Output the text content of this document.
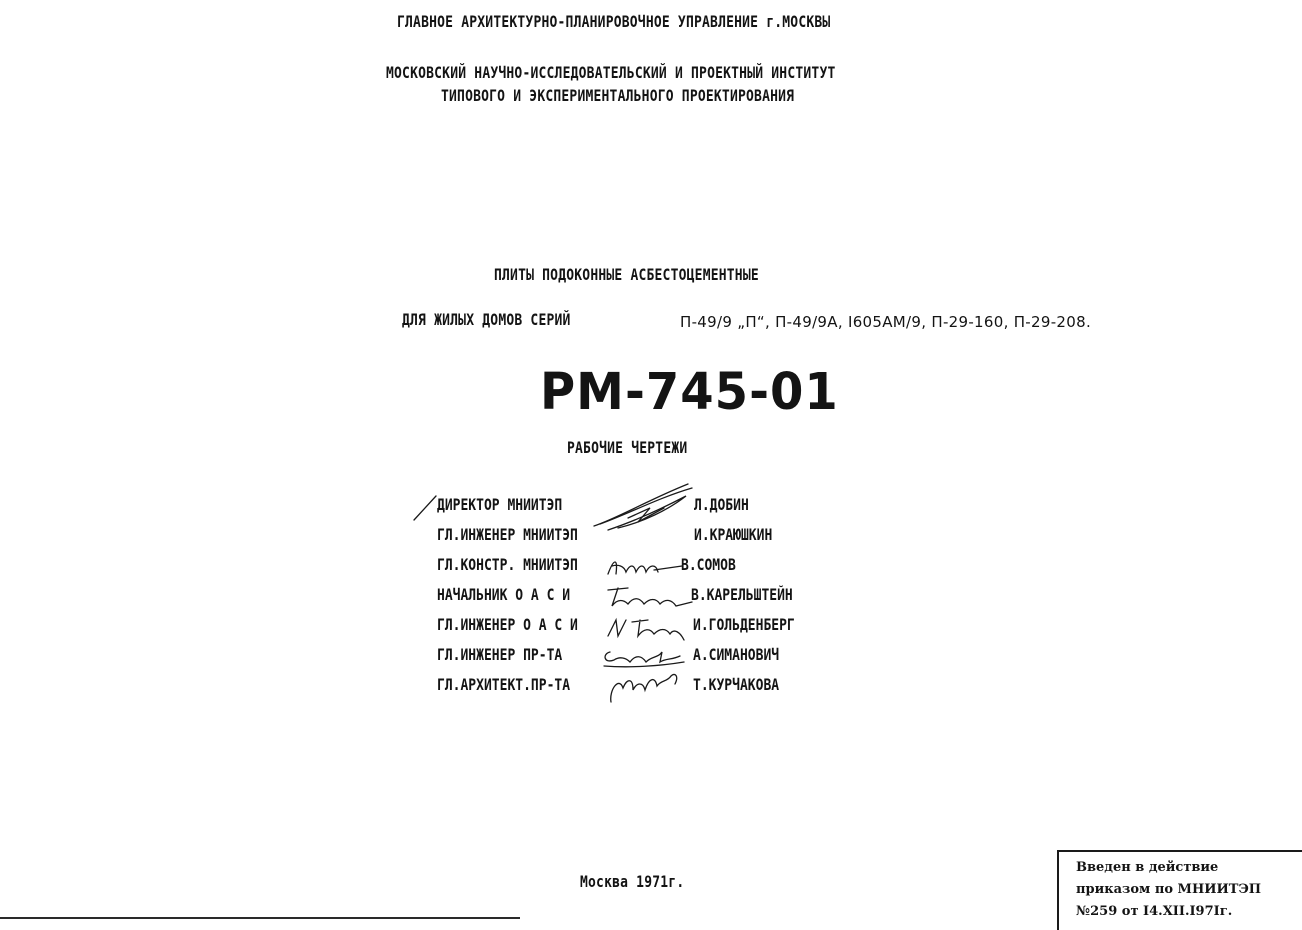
ГЛАВНОЕ АРХИТЕКТУРНО-ПЛАНИРОВОЧНОЕ УПРАВЛЕНИЕ г.МОСКВЫ
МОСКОВСКИЙ НАУЧНО-ИССЛЕДОВАТЕЛЬСКИЙ И ПРОЕКТНЫЙ ИНСТИТУТ
ТИПОВОГО И ЭКСПЕРИМЕНТАЛЬНОГО ПРОЕКТИРОВАНИЯ
ПЛИТЫ ПОДОКОННЫЕ АСБЕСТОЦЕМЕНТНЫЕ
ДЛЯ ЖИЛЫХ ДОМОВ СЕРИЙ	П-49/9 „П“, П-49/9А, I605АМ/9, П-29-160, П-29-208.
РМ-745-01
РАБОЧИЕ ЧЕРТЕЖИ
ДИРЕКТОР МНИИТЭП	Л.ДОБИН
ГЛ.ИНЖЕНЕР МНИИТЭП	И.КРАЮШКИН
ГЛ.КОНСТР. МНИИТЭП	В.СОМОВ
НАЧАЛЬНИК О А С И	В.КАРЕЛЬШТЕЙН
ГЛ.ИНЖЕНЕР О А С И	И.ГОЛЬДЕНБЕРГ
ГЛ.ИНЖЕНЕР ПР-ТА	А.СИМАНОВИЧ
ГЛ.АРХИТЕКТ.ПР-ТА	Т.КУРЧАКОВА
Москва 1971г.
Введен в действие
приказом по МНИИТЭП
№259 от I4.XII.I97Iг.
